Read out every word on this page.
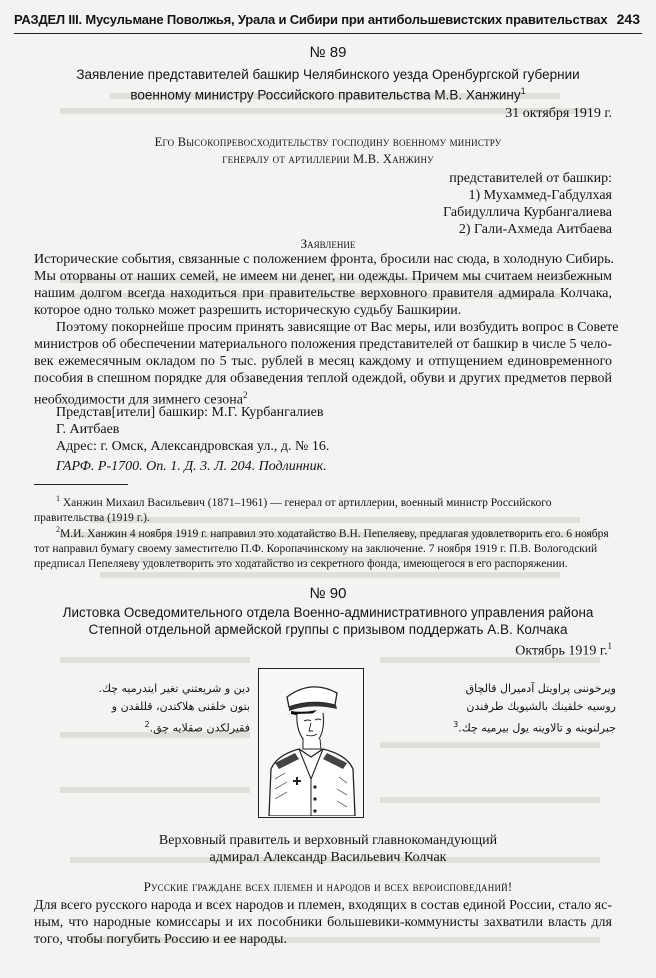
РАЗДЕЛ III. Мусульмане Поволжья, Урала и Сибири при антибольшевистских правительствах 243
№ 89
Заявление представителей башкир Челябинского уезда Оренбургской губернии
военному министру Российского правительства М.В. Ханжину$^1$
31 октября 1919 г.
Его Высокопревосходительству господину военному министру
генералу от артиллерии М.В. Ханжину
представителей от башкир:
1) Мухаммед-Габдулхая
Габидуллича Курбангалиева
2) Гали-Ахмеда Аитбаева
Заявление
Исторические события, связанные с положением фронта, бросили нас сюда, в холодную Сибирь.
Мы оторваны от наших семей, не имеем ни денег, ни одежды. Причем мы считаем неизбежным
нашим долгом всегда находиться при правительстве верховного правителя адмирала Колчака,
которое одно только может разрешить историческую судьбу Башкирии.
Поэтому покорнейше просим принять зависящие от Вас меры, или возбудить вопрос в Совете
министров об обеспечении материального положения представителей от башкир в числе 5 чело-
век ежемесячным окладом по 5 тыс. рублей в месяц каждому и отпущением единовременного
пособия в спешном порядке для обзаведения теплой одеждой, обуви и других предметов первой
необходимости для зимнего сезона$^2$
Представ[ители] башкир: М.Г. Курбангалиев
Г. Аитбаев
Адрес: г. Омск, Александровская ул., д. № 16.
ГАРФ. Р-1700. Оп. 1. Д. 3. Л. 204. Подлинник.
$^1$ Ханжин Михаил Васильевич (1871–1961) — генерал от артиллерии, военный министр Российского
правительства (1919 г.).
$^2$М.И. Ханжин 4 ноября 1919 г. направил это ходатайство В.Н. Пепеляеву, предлагая удовлетворить его. 6 ноября
тот направил бумагу своему заместителю П.Ф. Коропачинскому на заключение. 7 ноября 1919 г. П.В. Вологодский
предписал Пепеляеву удовлетворить это ходатайство из секретного фонда, имеющегося в его распоряжении.
№ 90
Листовка Осведомительного отдела Военно-административного управления района
Степной отдельной армейской группы с призывом поддержать А.В. Колчака
Октябрь 1919 г.$^1$
دين و شريعتني تغير ايتدرميه چك.
بتون خلقنى هلاكتدن، قللقدن و
فقيرلكدن صقلايه چق.$^2$
ويرخوننى پراويتل آدميرال قالچاق
روسيه خلقينك بالشيويك طرفندن
جبرلنوينه و تالاوينه يول بيرميه چك.$^3$
Верховный правитель и верховный главнокомандующий
адмирал Александр Васильевич Колчак
Русские граждане всех племен и народов и всех вероисповеданий!
Для всего русского народа и всех народов и племен, входящих в состав единой России, стало яс-
ным, что народные комиссары и их пособники большевики-коммунисты захватили власть для
того, чтобы погубить Россию и ее народы.
